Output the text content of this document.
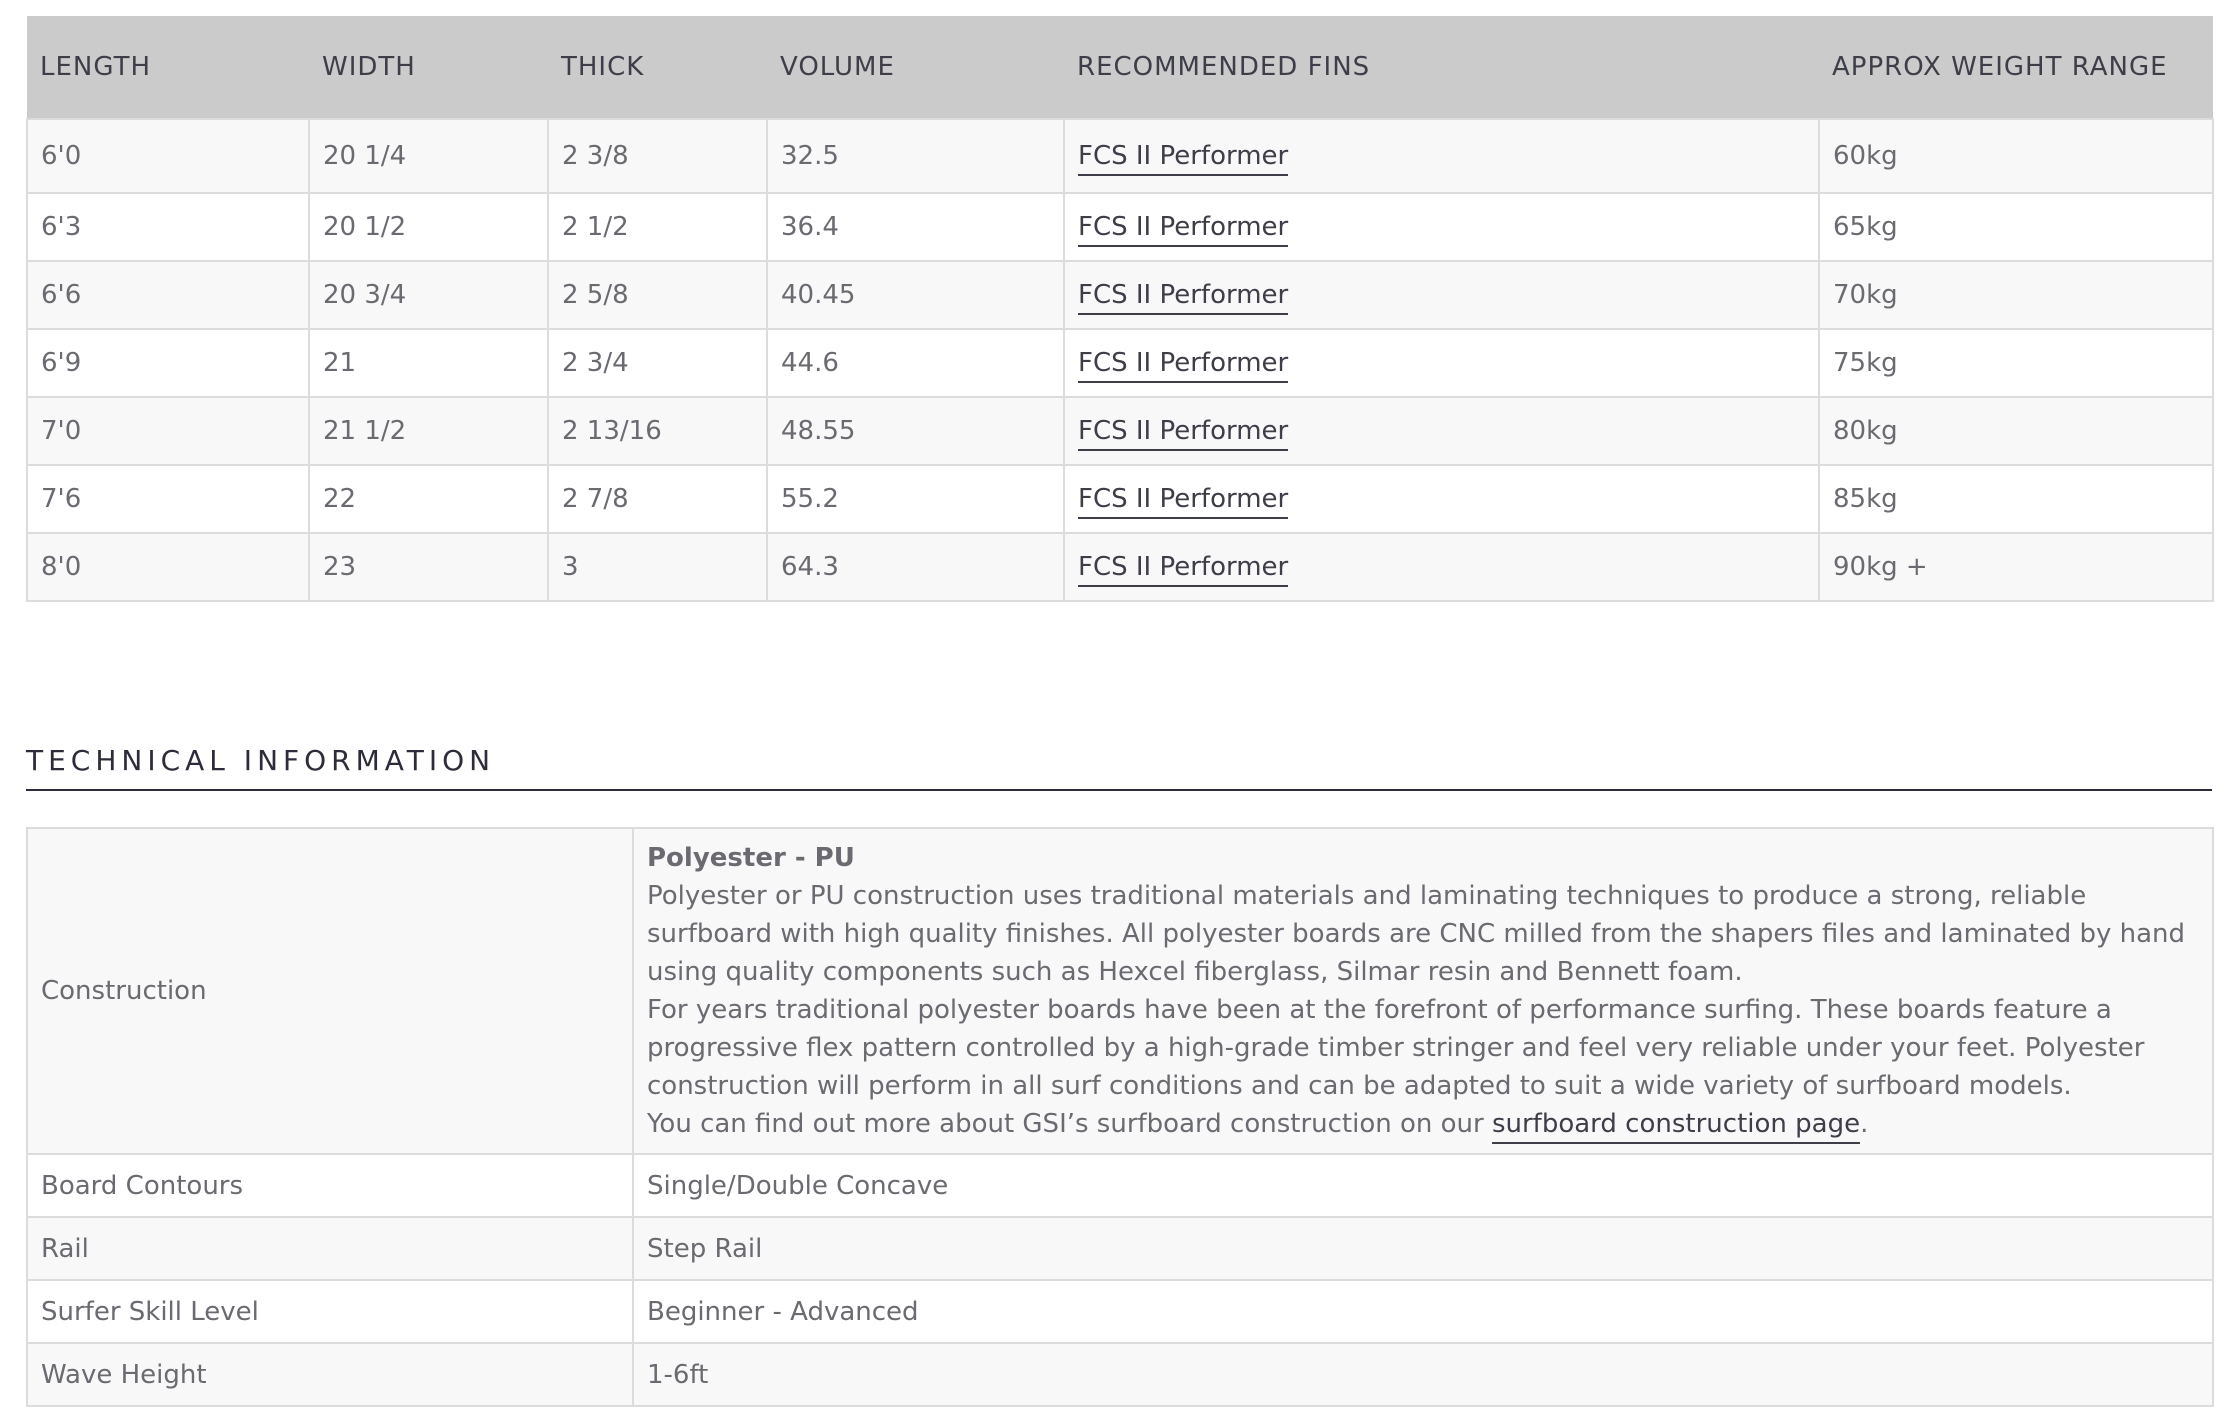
LENGTH	WIDTH	THICK	VOLUME	RECOMMENDED FINS	APPROX WEIGHT RANGE
6'0	20 1/4	2 3/8	32.5	FCS II Performer	60kg
6'3	20 1/2	2 1/2	36.4	FCS II Performer	65kg
6'6	20 3/4	2 5/8	40.45	FCS II Performer	70kg
6'9	21	2 3/4	44.6	FCS II Performer	75kg
7'0	21 1/2	2 13/16	48.55	FCS II Performer	80kg
7'6	22	2 7/8	55.2	FCS II Performer	85kg
8'0	23	3	64.3	FCS II Performer	90kg +
TECHNICAL INFORMATION
Construction	Polyester - PU

Polyester or PU construction uses traditional materials and laminating techniques to produce a strong, reliable surfboard with high quality finishes. All polyester boards are CNC milled from the shapers files and laminated by hand using quality components such as Hexcel fiberglass, Silmar resin and Bennett foam.

For years traditional polyester boards have been at the forefront of performance surfing. These boards feature a progressive flex pattern controlled by a high-grade timber stringer and feel very reliable under your feet. Polyester construction will perform in all surf conditions and can be adapted to suit a wide variety of surfboard models.

You can find out more about GSI’s surfboard construction on our surfboard construction page.

Board Contours	Single/Double Concave
Rail	Step Rail
Surfer Skill Level	Beginner - Advanced
Wave Height	1-6ft
